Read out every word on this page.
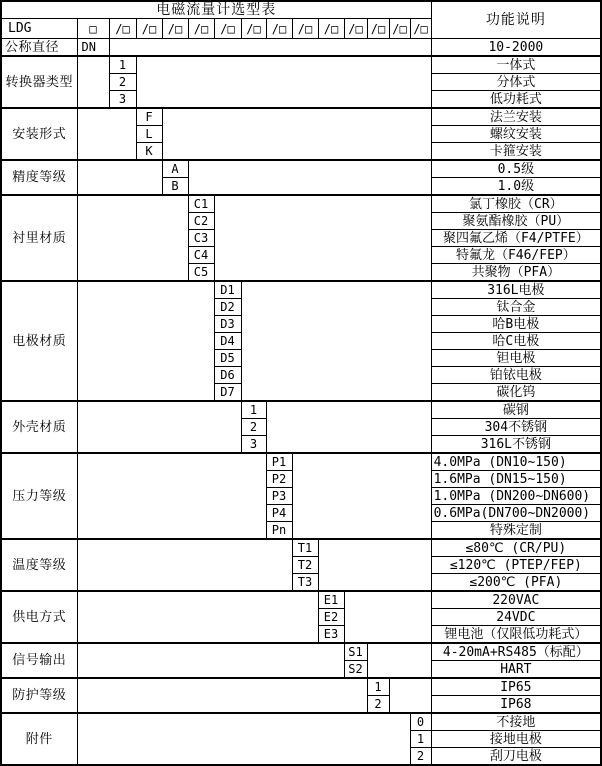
电磁流量计选型表															功能说明
LDG	□	/□	/□	/□	/□	/□	/□	/□	/□	/□	/□	/□	/□	/□	
公称直径	DN														10-2000
转换器类型		1													一体式
		2													分体式
		3													低功耗式
安装形式			F												法兰安装
			L												螺纹安装
			K												卡箍安装
精度等级				A											0.5级
				B											1.0级
衬里材质					C1										氯丁橡胶（CR）
					C2										聚氨酯橡胶（PU）
					C3										聚四氟乙烯（F4/PTFE）
					C4										特氟龙（F46/FEP）
					C5										共聚物（PFA）
电极材质						D1									316L电极
						D2									钛合金
						D3									哈B电极
						D4									哈C电极
						D5									钽电极
						D6									铂铱电极
						D7									碳化钨
外壳材质							1								碳钢
							2								304不锈钢
							3								316L不锈钢
压力等级								P1							4.0MPa (DN10~150)
								P2							1.6MPa (DN15~150)
								P3							1.0MPa (DN200~DN600)
								P4							0.6MPa(DN700~DN2000)
								Pn							特殊定制
温度等级									T1						≤80℃ (CR/PU)
									T2						≤120℃ (PTEP/FEP)
									T3						≤200℃ (PFA)
供电方式										E1					220VAC
										E2					24VDC
										E3					锂电池（仅限低功耗式）
信号输出											S1				4-20mA+RS485（标配）
											S2				HART
防护等级												1			IP65
												2			IP68
附件														0	不接地
														1	接地电极
														2	刮刀电极
